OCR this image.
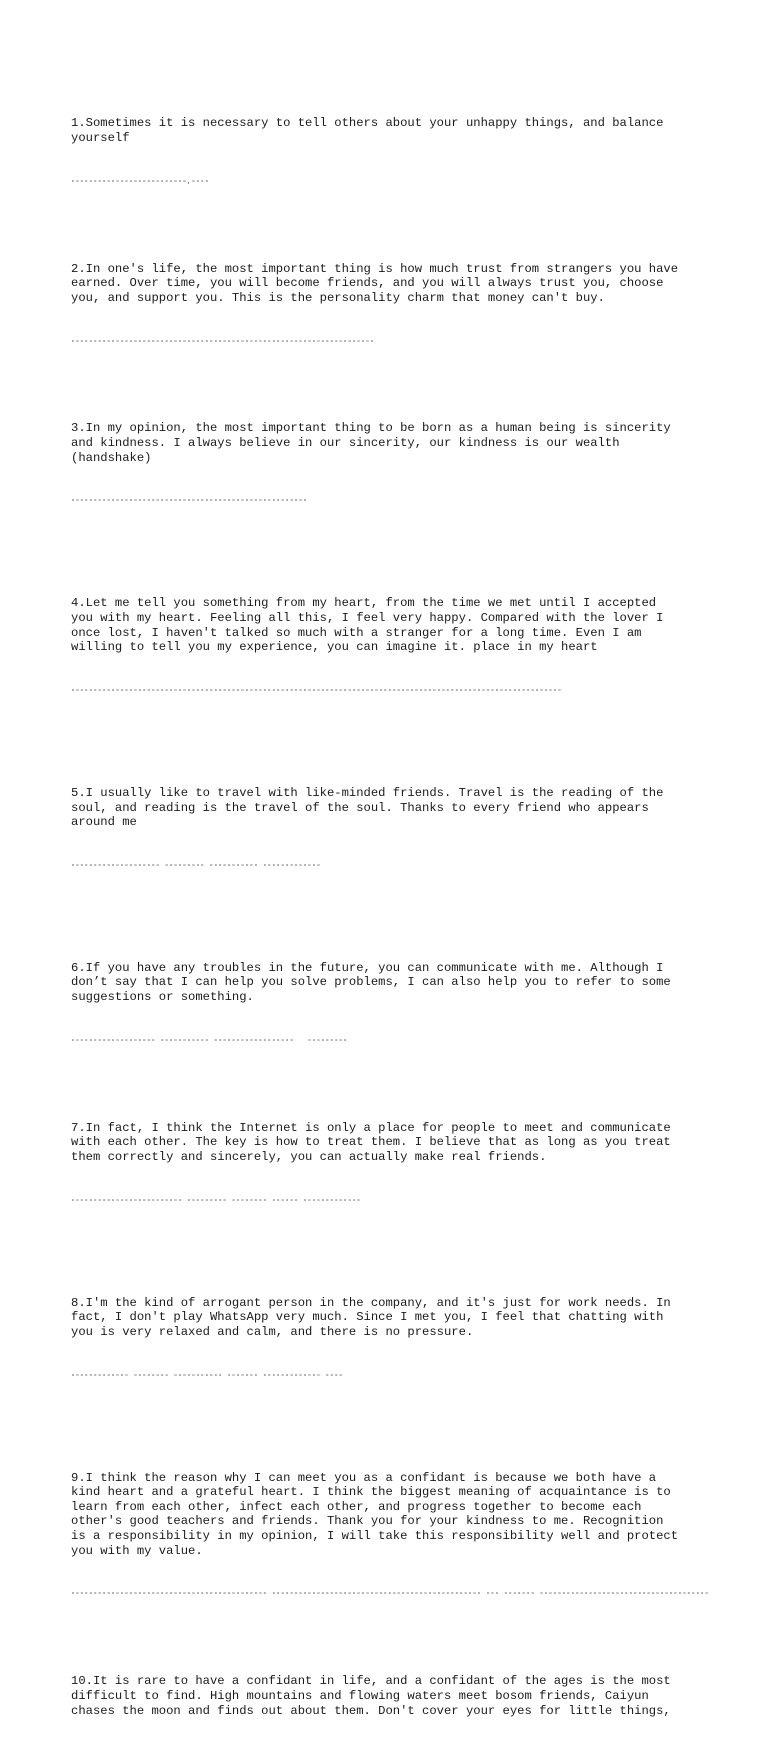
1.Sometimes it is necessary to tell others about your unhappy things, and balance
yourself

▫▫▫▫▫▫▫▫▫▫▫▫▫▫▫▫▫▫▫▫▫▫▫▫▫▫,▫▫▫▫

2.In one's life, the most important thing is how much trust from strangers you have
earned. Over time, you will become friends, and you will always trust you, choose
you, and support you. This is the personality charm that money can't buy.

▫▫▫▫▫▫▫▫▫▫▫▫▫▫▫▫▫▫▫▫▫▫▫▫▫▫▫▫▫▫▫▫▫▫▫▫▫▫▫▫▫▫▫▫▫▫▫▫▫▫▫▫▫▫▫▫▫▫▫▫▫▫▫▫▫▫▫▫

3.In my opinion, the most important thing to be born as a human being is sincerity
and kindness. I always believe in our sincerity, our kindness is our wealth
(handshake)

▫▫▫▫▫▫▫▫▫▫▫▫▫▫▫▫▫▫▫▫▫▫▫▫▫▫▫▫▫▫▫▫▫▫▫▫▫▫▫▫▫▫▫▫▫▫▫▫▫▫▫▫▫

4.Let me tell you something from my heart, from the time we met until I accepted
you with my heart. Feeling all this, I feel very happy. Compared with the lover I
once lost, I haven't talked so much with a stranger for a long time. Even I am
willing to tell you my experience, you can imagine it. place in my heart

▫▫▫▫▫▫▫▫▫▫▫▫▫▫▫▫▫▫▫▫▫▫▫▫▫▫▫▫▫▫▫▫▫▫▫▫▫▫▫▫▫▫▫▫▫▫▫▫▫▫▫▫▫▫▫▫▫▫▫▫▫▫▫▫▫▫▫▫▫▫▫▫▫▫▫▫▫▫▫▫▫▫▫▫▫▫▫▫▫▫▫▫▫▫▫▫▫▫▫▫▫▫▫▫▫▫▫▫▫▫

5.I usually like to travel with like-minded friends. Travel is the reading of the
soul, and reading is the travel of the soul. Thanks to every friend who appears
around me

▫▫▫▫▫▫▫▫▫▫▫▫▫▫▫▫▫▫▫▫ ▫▫▫▫▫▫▫▫▫ ▫▫▫▫▫▫▫▫▫▫▫ ▫▫▫▫▫▫▫▫▫▫▫▫▫

6.If you have any troubles in the future, you can communicate with me. Although I
don’t say that I can help you solve problems, I can also help you to refer to some
suggestions or something.

▫▫▫▫▫▫▫▫▫▫▫▫▫▫▫▫▫▫▫ ▫▫▫▫▫▫▫▫▫▫▫ ▫▫▫▫▫▫▫▫▫▫▫▫▫▫▫▫▫▫   ▫▫▫▫▫▫▫▫▫

7.In fact, I think the Internet is only a place for people to meet and communicate
with each other. The key is how to treat them. I believe that as long as you treat
them correctly and sincerely, you can actually make real friends.

▫▫▫▫▫▫▫▫▫▫▫▫▫▫▫▫▫▫▫▫▫▫▫▫▫ ▫▫▫▫▫▫▫▫▫ ▫▫▫▫▫▫▫▫ ▫▫▫▫▫▫ ▫▫▫▫▫▫▫▫▫▫▫▫▫

8.I'm the kind of arrogant person in the company, and it's just for work needs. In
fact, I don't play WhatsApp very much. Since I met you, I feel that chatting with
you is very relaxed and calm, and there is no pressure.

▫▫▫▫▫▫▫▫▫▫▫▫▫ ▫▫▫▫▫▫▫▫ ▫▫▫▫▫▫▫▫▫▫▫ ▫▫▫▫▫▫▫ ▫▫▫▫▫▫▫▫▫▫▫▫▫ ▫▫▫▫

9.I think the reason why I can meet you as a confidant is because we both have a
kind heart and a grateful heart. I think the biggest meaning of acquaintance is to
learn from each other, infect each other, and progress together to become each
other's good teachers and friends. Thank you for your kindness to me. Recognition
is a responsibility in my opinion, I will take this responsibility well and protect
you with my value.

▫▫▫▫▫▫▫▫▫▫▫▫▫▫▫▫▫▫▫▫▫▫▫▫▫▫▫▫▫▫▫▫▫▫▫▫▫▫▫▫▫▫▫▫ ▫▫▫▫▫▫▫▫▫▫▫▫▫▫▫▫▫▫▫▫▫▫▫▫▫▫▫▫▫▫▫▫▫▫▫▫▫▫▫▫▫▫▫▫▫▫▫ ▫▫▫ ▫▫▫▫▫▫▫ ▫▫▫▫▫▫▫▫▫▫▫▫▫▫▫▫▫▫▫▫▫▫▫▫▫▫▫▫▫▫▫▫▫▫▫▫▫▫

10.It is rare to have a confidant in life, and a confidant of the ages is the most
difficult to find. High mountains and flowing waters meet bosom friends, Caiyun
chases the moon and finds out about them. Don't cover your eyes for little things,
